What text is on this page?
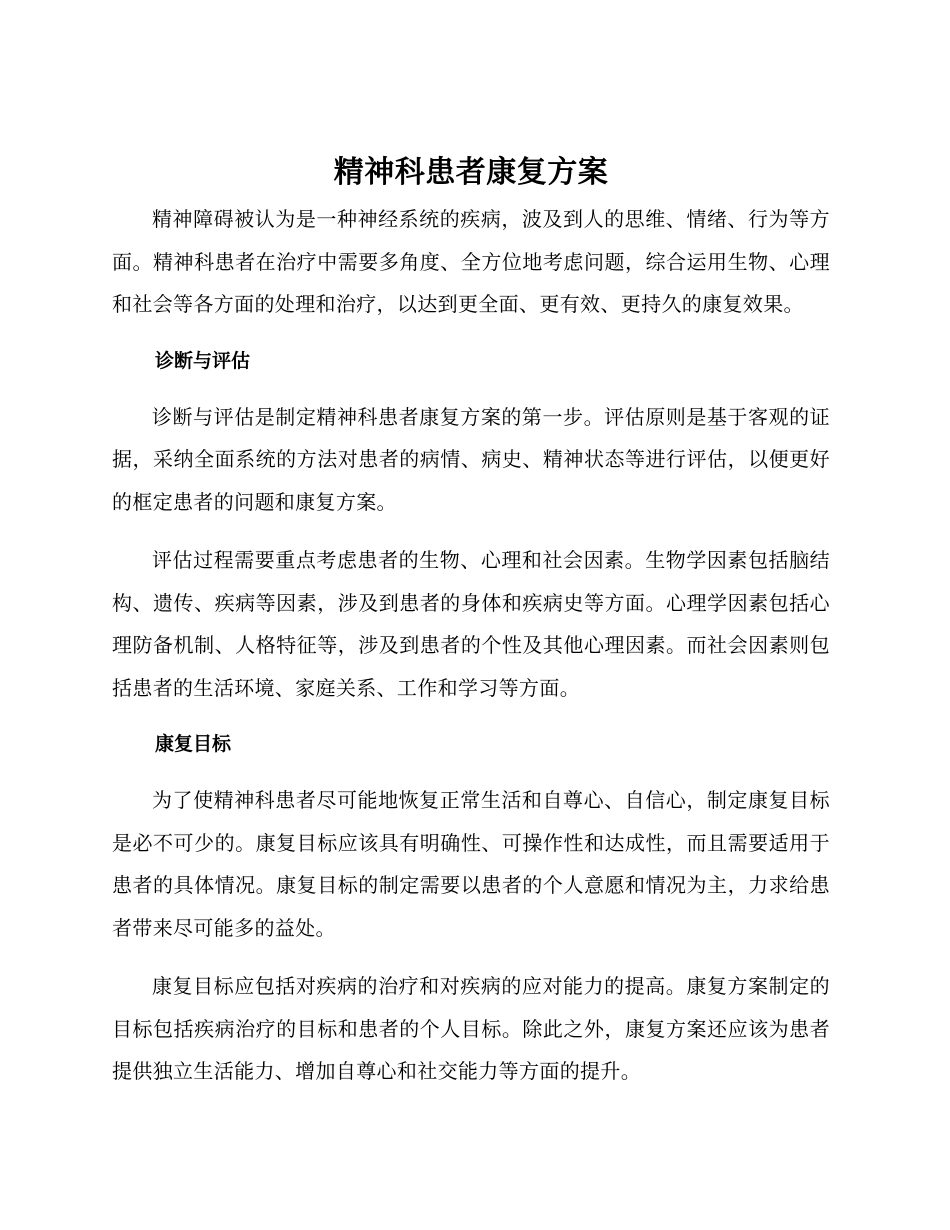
精神科患者康复方案

精神障碍被认为是一种神经系统的疾病，波及到人的思维、情绪、行为等方面。精神科患者在治疗中需要多角度、全方位地考虑问题，综合运用生物、心理和社会等各方面的处理和治疗，以达到更全面、更有效、更持久的康复效果。

诊断与评估

诊断与评估是制定精神科患者康复方案的第一步。评估原则是基于客观的证据，采纳全面系统的方法对患者的病情、病史、精神状态等进行评估，以便更好的框定患者的问题和康复方案。

评估过程需要重点考虑患者的生物、心理和社会因素。生物学因素包括脑结构、遗传、疾病等因素，涉及到患者的身体和疾病史等方面。心理学因素包括心理防备机制、人格特征等，涉及到患者的个性及其他心理因素。而社会因素则包括患者的生活环境、家庭关系、工作和学习等方面。

康复目标

为了使精神科患者尽可能地恢复正常生活和自尊心、自信心，制定康复目标是必不可少的。康复目标应该具有明确性、可操作性和达成性，而且需要适用于患者的具体情况。康复目标的制定需要以患者的个人意愿和情况为主，力求给患者带来尽可能多的益处。

康复目标应包括对疾病的治疗和对疾病的应对能力的提高。康复方案制定的目标包括疾病治疗的目标和患者的个人目标。除此之外，康复方案还应该为患者提供独立生活能力、增加自尊心和社交能力等方面的提升。
